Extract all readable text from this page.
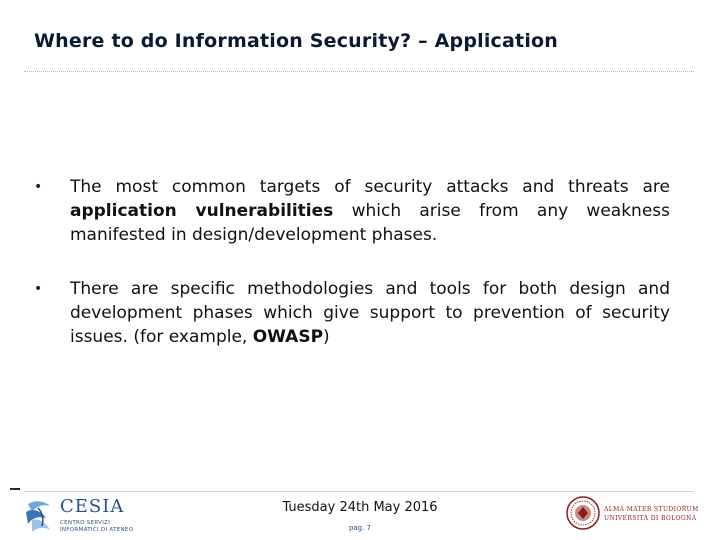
Where to do Information Security? – Application
• The most common targets of security attacks and threats are application vulnerabilities which arise from any weakness manifested in design/development phases.
• There are specific methodologies and tools for both design and development phases which give support to prevention of security issues. (for example, OWASP)
CESIA
CENTRO SERVIZI
INFORMATICI DI ATENEO
Tuesday 24th May 2016
pag. 7
ALMA MATER STUDIORUM
UNIVERSITÀ DI BOLOGNA
